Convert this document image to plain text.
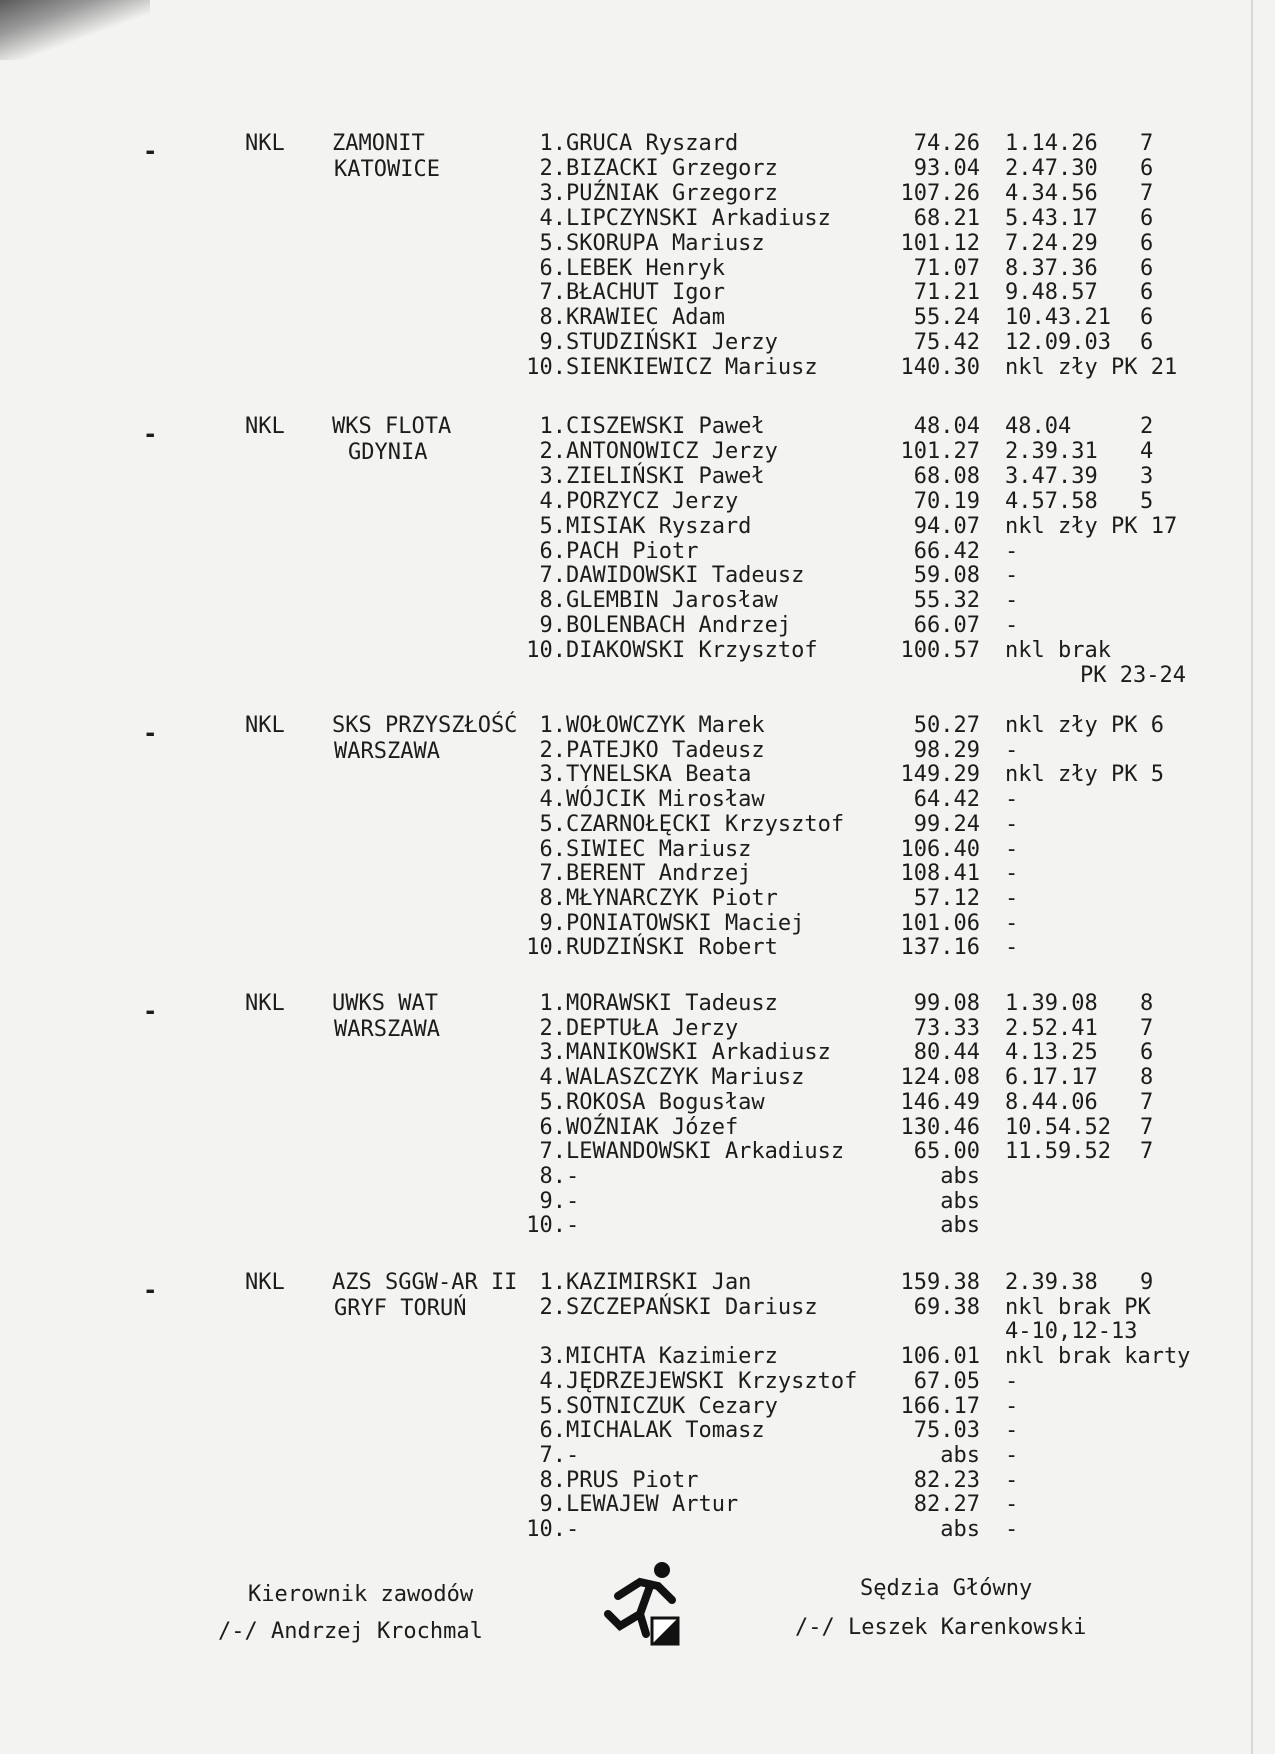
-	NKL ZAMONIT
KATOWICE
1. GRUCA Ryszard	74.26 1.14.26 7
2. BIZACKI Grzegorz	93.04 2.47.30 6
3. PUŹNIAK Grzegorz	107.26 4.34.56 7
4. LIPCZYNSKI Arkadiusz	68.21 5.43.17 6
5. SKORUPA Mariusz	101.12 7.24.29 6
6. LEBEK Henryk	71.07 8.37.36 6
7. BŁACHUT Igor	71.21 9.48.57 6
8. KRAWIEC Adam	55.24 10.43.21 6
9. STUDZIŃSKI Jerzy	75.42 12.09.03 6
10. SIENKIEWICZ Mariusz	140.30 nkl zły PK 21
-	NKL WKS FLOTA
GDYNIA
1. CISZEWSKI Paweł	48.04 48.04	2
2. ANTONOWICZ Jerzy	101.27 2.39.31 4
3. ZIELIŃSKI Paweł	68.08 3.47.39 3
4. PORZYCZ Jerzy	70.19 4.57.58 5
5. MISIAK Ryszard	94.07 nkl zły PK 17
6. PACH Piotr	66.42 -
7. DAWIDOWSKI Tadeusz	59.08 -
8. GLEMBIN Jarosław	55.32 -
9. BOLENBACH Andrzej	66.07 -
10. DIAKOWSKI Krzysztof	100.57 nkl brak
PK 23-24
-	NKL SKS PRZYSZŁOŚĆ
WARSZAWA
1. WOŁOWCZYK Marek	50.27 nkl zły PK 6
2. PATEJKO Tadeusz	98.29 -
3. TYNELSKA Beata	149.29 nkl zły PK 5
4. WÓJCIK Mirosław	64.42 -
5. CZARNOŁĘCKI Krzysztof	99.24 -
6. SIWIEC Mariusz	106.40 -
7. BERENT Andrzej	108.41 -
8. MŁYNARCZYK Piotr	57.12 -
9. PONIATOWSKI Maciej	101.06 -
10. RUDZIŃSKI Robert	137.16 -
-	NKL UWKS WAT
WARSZAWA
1. MORAWSKI Tadeusz	99.08 1.39.08 8
2. DEPTUŁA Jerzy	73.33 2.52.41 7
3. MANIKOWSKI Arkadiusz	80.44 4.13.25 6
4. WALASZCZYK Mariusz	124.08 6.17.17 8
5. ROKOSA Bogusław	146.49 8.44.06 7
6. WOŹNIAK Józef	130.46 10.54.52 7
7. LEWANDOWSKI Arkadiusz	65.00 11.59.52 7
8. -	abs
9. -	abs
10. -	abs
-	NKL AZS SGGW-AR II
GRYF TORUŃ
1. KAZIMIRSKI Jan	159.38 2.39.38 9
2. SZCZEPAŃSKI Dariusz	69.38 nkl brak PK
4-10,12-13
3. MICHTA Kazimierz	106.01 nkl brak karty
4. JĘDRZEJEWSKI Krzysztof	67.05 -
5. SOTNICZUK Cezary	166.17 -
6. MICHALAK Tomasz	75.03 -
7. -	abs -
8. PRUS Piotr	82.23 -
9. LEWAJEW Artur	82.27 -
10. -	abs -
Kierownik zawodów
/-/ Andrzej Krochmal
Sędzia Główny
/-/ Leszek Karenkowski
